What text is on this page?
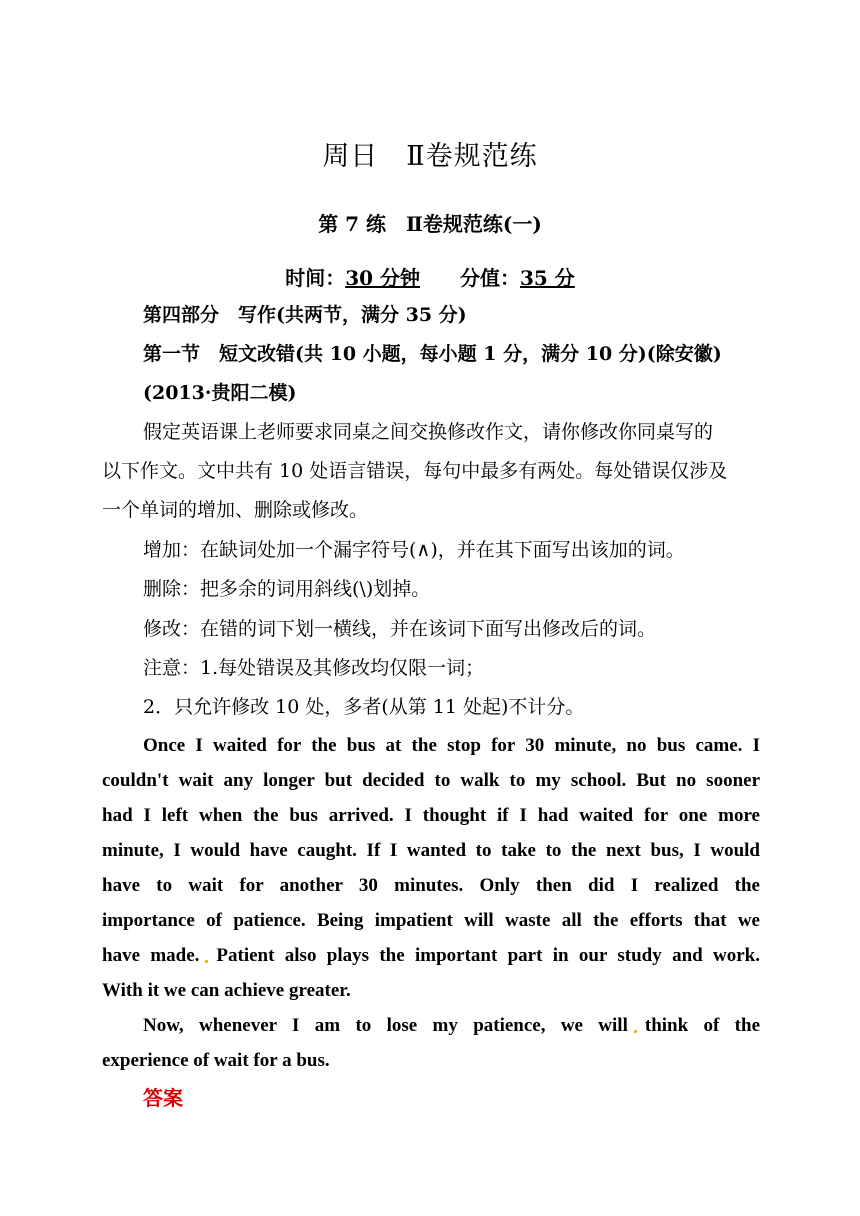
周日　Ⅱ卷规范练
第 7 练　Ⅱ卷规范练(一)
时间：30 分钟 分值：35 分
第四部分　写作(共两节，满分 35 分)
第一节　短文改错(共 10 小题，每小题 1 分，满分 10 分)(除安徽)
(2013·贵阳二模)
假定英语课上老师要求同桌之间交换修改作文，请你修改你同桌写的
以下作文。文中共有 10 处语言错误，每句中最多有两处。每处错误仅涉及
一个单词的增加、删除或修改。
增加：在缺词处加一个漏字符号(∧)，并在其下面写出该加的词。
删除：把多余的词用斜线(\)划掉。
修改：在错的词下划一横线，并在该词下面写出修改后的词。
注意：1.每处错误及其修改均仅限一词；
2．只允许修改 10 处，多者(从第 11 处起)不计分。
Once I waited for the bus at the stop for 30 minute, no bus came. I
couldn't wait any longer but decided to walk to my school. But no sooner
had I left when the bus arrived. I thought if I had waited for one more
minute, I would have caught. If I wanted to take to the next bus, I would
have to wait for another 30 minutes. Only then did I realized the
importance of patience. Being impatient will waste all the efforts that we
have made. Patient also plays the important part in our study and work.
With it we can achieve greater.
Now, whenever I am to lose my patience, we will think of the
experience of wait for a bus.
答案
